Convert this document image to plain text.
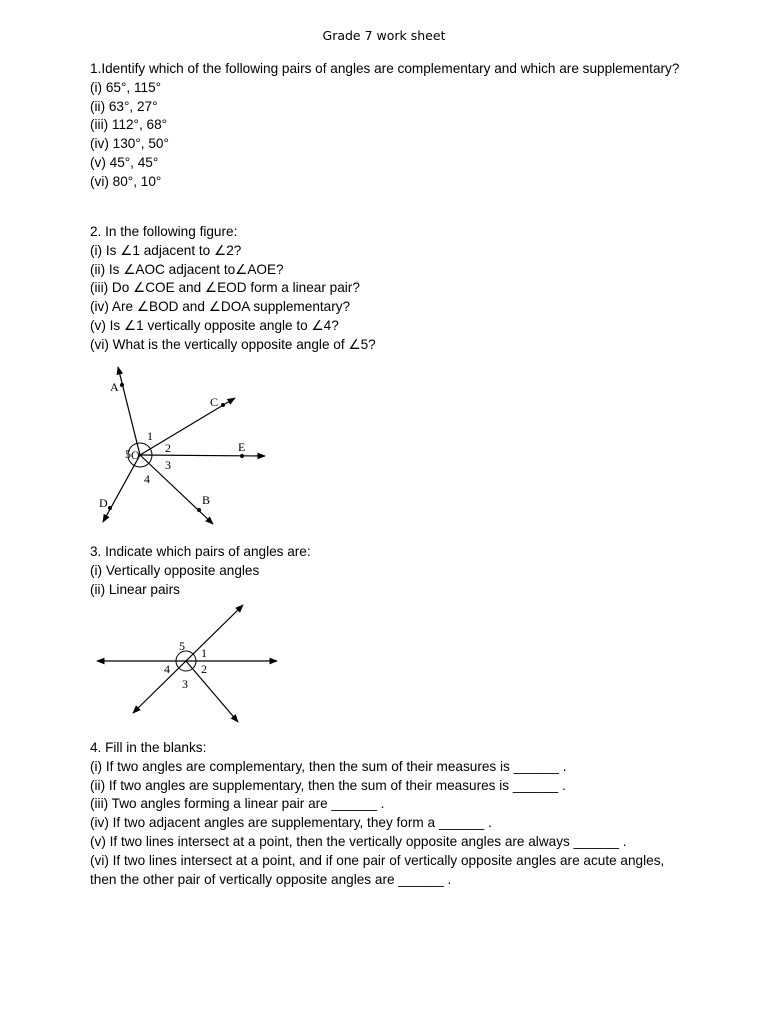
Grade 7 work sheet
1.Identify which of the following pairs of angles are complementary and which are supplementary?
(i) 65°, 115°
(ii) 63°, 27°
(iii) 112°, 68°
(iv) 130°, 50°
(v) 45°, 45°
(vi) 80°, 10°
2. In the following figure:
(i) Is ∠1 adjacent to ∠2?
(ii) Is ∠AOC adjacent to∠AOE?
(iii) Do ∠COE and ∠EOD form a linear pair?
(iv) Are ∠BOD and ∠DOA supplementary?
(v) Is ∠1 vertically opposite angle to ∠4?
(vi) What is the vertically opposite angle of ∠5?
A
C
E
D	B
O
1
2
3
4
5
3. Indicate which pairs of angles are:
(i) Vertically opposite angles
(ii) Linear pairs
5 1
2
3
4
4. Fill in the blanks:
(i) If two angles are complementary, then the sum of their measures is ______ .
(ii) If two angles are supplementary, then the sum of their measures is ______ .
(iii) Two angles forming a linear pair are ______ .
(iv) If two adjacent angles are supplementary, they form a ______ .
(v) If two lines intersect at a point, then the vertically opposite angles are always ______ .
(vi) If two lines intersect at a point, and if one pair of vertically opposite angles are acute angles, then the other pair of vertically opposite angles are ______ .
